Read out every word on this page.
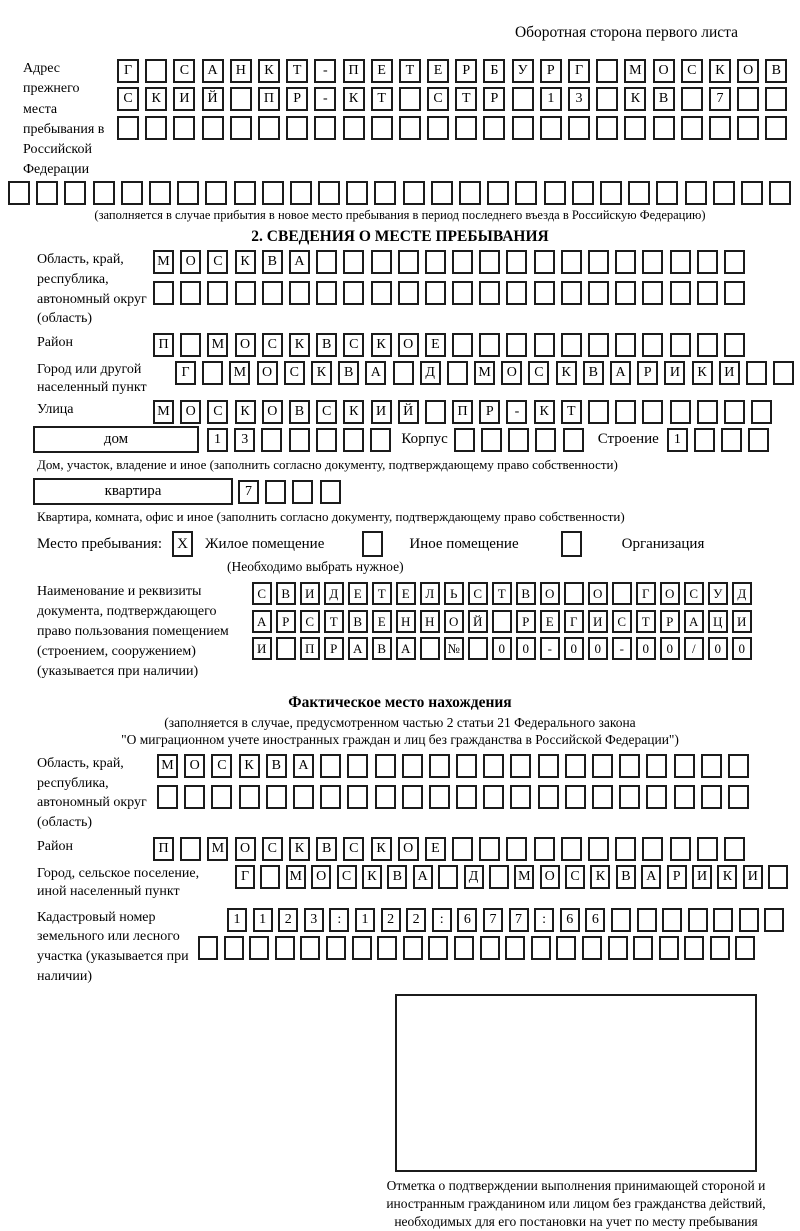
Оборотная сторона первого листа
Адрес прежнего места пребывания в Российской Федерации
Г	С	А	Н	К	Т	-	П	Е	Т	Е	Р	Б	У	Р	Г	М	О	С	К	О	В
С	К	И	Й	П	Р	-	К	Т	С	Т	Р	1	3	К	В	7
(заполняется в случае прибытия в новое место пребывания в период последнего въезда в Российскую Федерацию)
2. СВЕДЕНИЯ О МЕСТЕ ПРЕБЫВАНИЯ
Область, край, республика, автономный округ (область)
М	О	С	К	В	А
Район	П	М	О	С	К	В	С	К	О	Е
Город или другой населенный пункт
Г	М	О	С	К	В	А	Д	М	О	С	К	В	А	Р	И	К	И
Улица	М	О	С	К	О	В	С	К	И	Й	П	Р	-	К	Т
дом	1	3	Корпус	Строение	1
Дом, участок, владение и иное (заполнить согласно документу, подтверждающему право собственности)
квартира	7
Квартира, комната, офис и иное (заполнить согласно документу, подтверждающему право собственности)
Место пребывания:	X	Жилое помещение	Иное помещение	Организация
(Необходимо выбрать нужное)
Наименование и реквизиты документа, подтверждающего право пользования помещением (строением, сооружением) (указывается при наличии)
С	В	И	Д	Е	Т	Е	Л	Ь	С	Т	В	О	О	Г	О	С	У	Д
А	Р	С	Т	В	Е	Н	Н	О	Й	Р	Е	Г	И	С	Т	Р	А	Ц	И
И	П	Р	А	В	А	№	0	0	-	0	0	-	0	0	/	0	0
Фактическое место нахождения
(заполняется в случае, предусмотренном частью 2 статьи 21 Федерального закона
"О миграционном учете иностранных граждан и лиц без гражданства в Российской Федерации")
Область, край, республика, автономный округ (область)
М	О	С	К	В	А
Район	П	М	О	С	К	В	С	К	О	Е
Город, сельское поселение, иной населенный пункт
Г	М	О	С	К	В	А	Д	М	О	С	К	В	А	Р	И	К	И
Кадастровый номер земельного или лесного участка (указывается при наличии)
1	1	2	3	:	1	2	2	:	6	7	7	:	6	6
Отметка о подтверждении выполнения принимающей стороной и иностранным гражданином или лицом без гражданства действий, необходимых для его постановки на учет по месту пребывания
